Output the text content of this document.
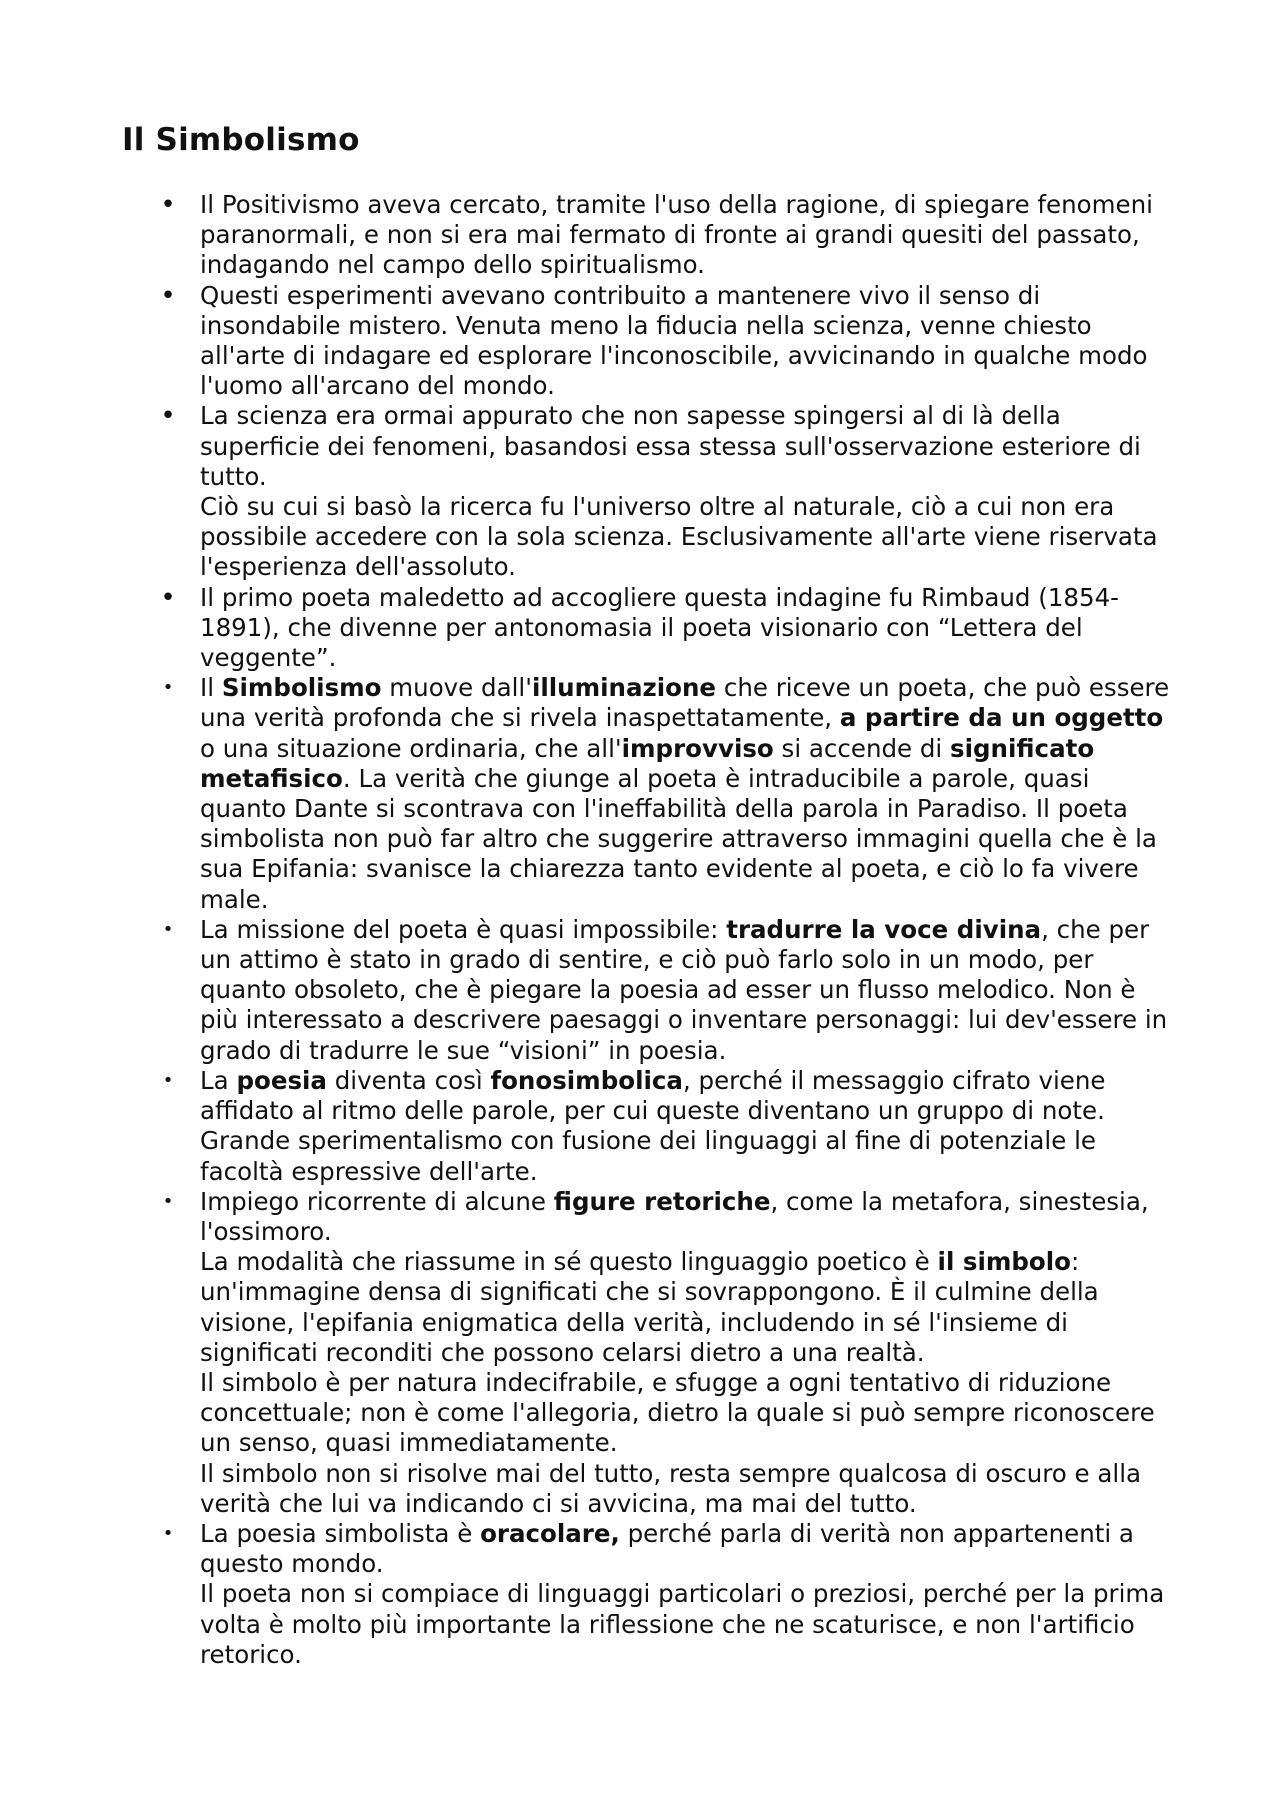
Il Simbolismo
• Il Positivismo aveva cercato, tramite l'uso della ragione, di spiegare fenomeni paranormali, e non si era mai fermato di fronte ai grandi quesiti del passato, indagando nel campo dello spiritualismo.
• Questi esperimenti avevano contribuito a mantenere vivo il senso di insondabile mistero. Venuta meno la fiducia nella scienza, venne chiesto all'arte di indagare ed esplorare l'inconoscibile, avvicinando in qualche modo l'uomo all'arcano del mondo.
• La scienza era ormai appurato che non sapesse spingersi al di là della superficie dei fenomeni, basandosi essa stessa sull'osservazione esteriore di tutto.
Ciò su cui si basò la ricerca fu l'universo oltre al naturale, ciò a cui non era possibile accedere con la sola scienza. Esclusivamente all'arte viene riservata l'esperienza dell'assoluto.
• Il primo poeta maledetto ad accogliere questa indagine fu Rimbaud (1854-1891), che divenne per antonomasia il poeta visionario con “Lettera del veggente”.
• Il Simbolismo muove dall'illuminazione che riceve un poeta, che può essere una verità profonda che si rivela inaspettatamente, a partire da un oggetto o una situazione ordinaria, che all'improvviso si accende di significato metafisico. La verità che giunge al poeta è intraducibile a parole, quasi quanto Dante si scontrava con l'ineffabilità della parola in Paradiso. Il poeta simbolista non può far altro che suggerire attraverso immagini quella che è la sua Epifania: svanisce la chiarezza tanto evidente al poeta, e ciò lo fa vivere male.
• La missione del poeta è quasi impossibile: tradurre la voce divina, che per un attimo è stato in grado di sentire, e ciò può farlo solo in un modo, per quanto obsoleto, che è piegare la poesia ad esser un flusso melodico. Non è più interessato a descrivere paesaggi o inventare personaggi: lui dev'essere in grado di tradurre le sue “visioni” in poesia.
• La poesia diventa così fonosimbolica, perché il messaggio cifrato viene affidato al ritmo delle parole, per cui queste diventano un gruppo di note. Grande sperimentalismo con fusione dei linguaggi al fine di potenziale le facoltà espressive dell'arte.
• Impiego ricorrente di alcune figure retoriche, come la metafora, sinestesia, l'ossimoro.
La modalità che riassume in sé questo linguaggio poetico è il simbolo: un'immagine densa di significati che si sovrappongono. È il culmine della visione, l'epifania enigmatica della verità, includendo in sé l'insieme di significati reconditi che possono celarsi dietro a una realtà.
Il simbolo è per natura indecifrabile, e sfugge a ogni tentativo di riduzione concettuale; non è come l'allegoria, dietro la quale si può sempre riconoscere un senso, quasi immediatamente.
Il simbolo non si risolve mai del tutto, resta sempre qualcosa di oscuro e alla verità che lui va indicando ci si avvicina, ma mai del tutto.
• La poesia simbolista è oracolare, perché parla di verità non appartenenti a questo mondo.
Il poeta non si compiace di linguaggi particolari o preziosi, perché per la prima volta è molto più importante la riflessione che ne scaturisce, e non l'artificio retorico.
